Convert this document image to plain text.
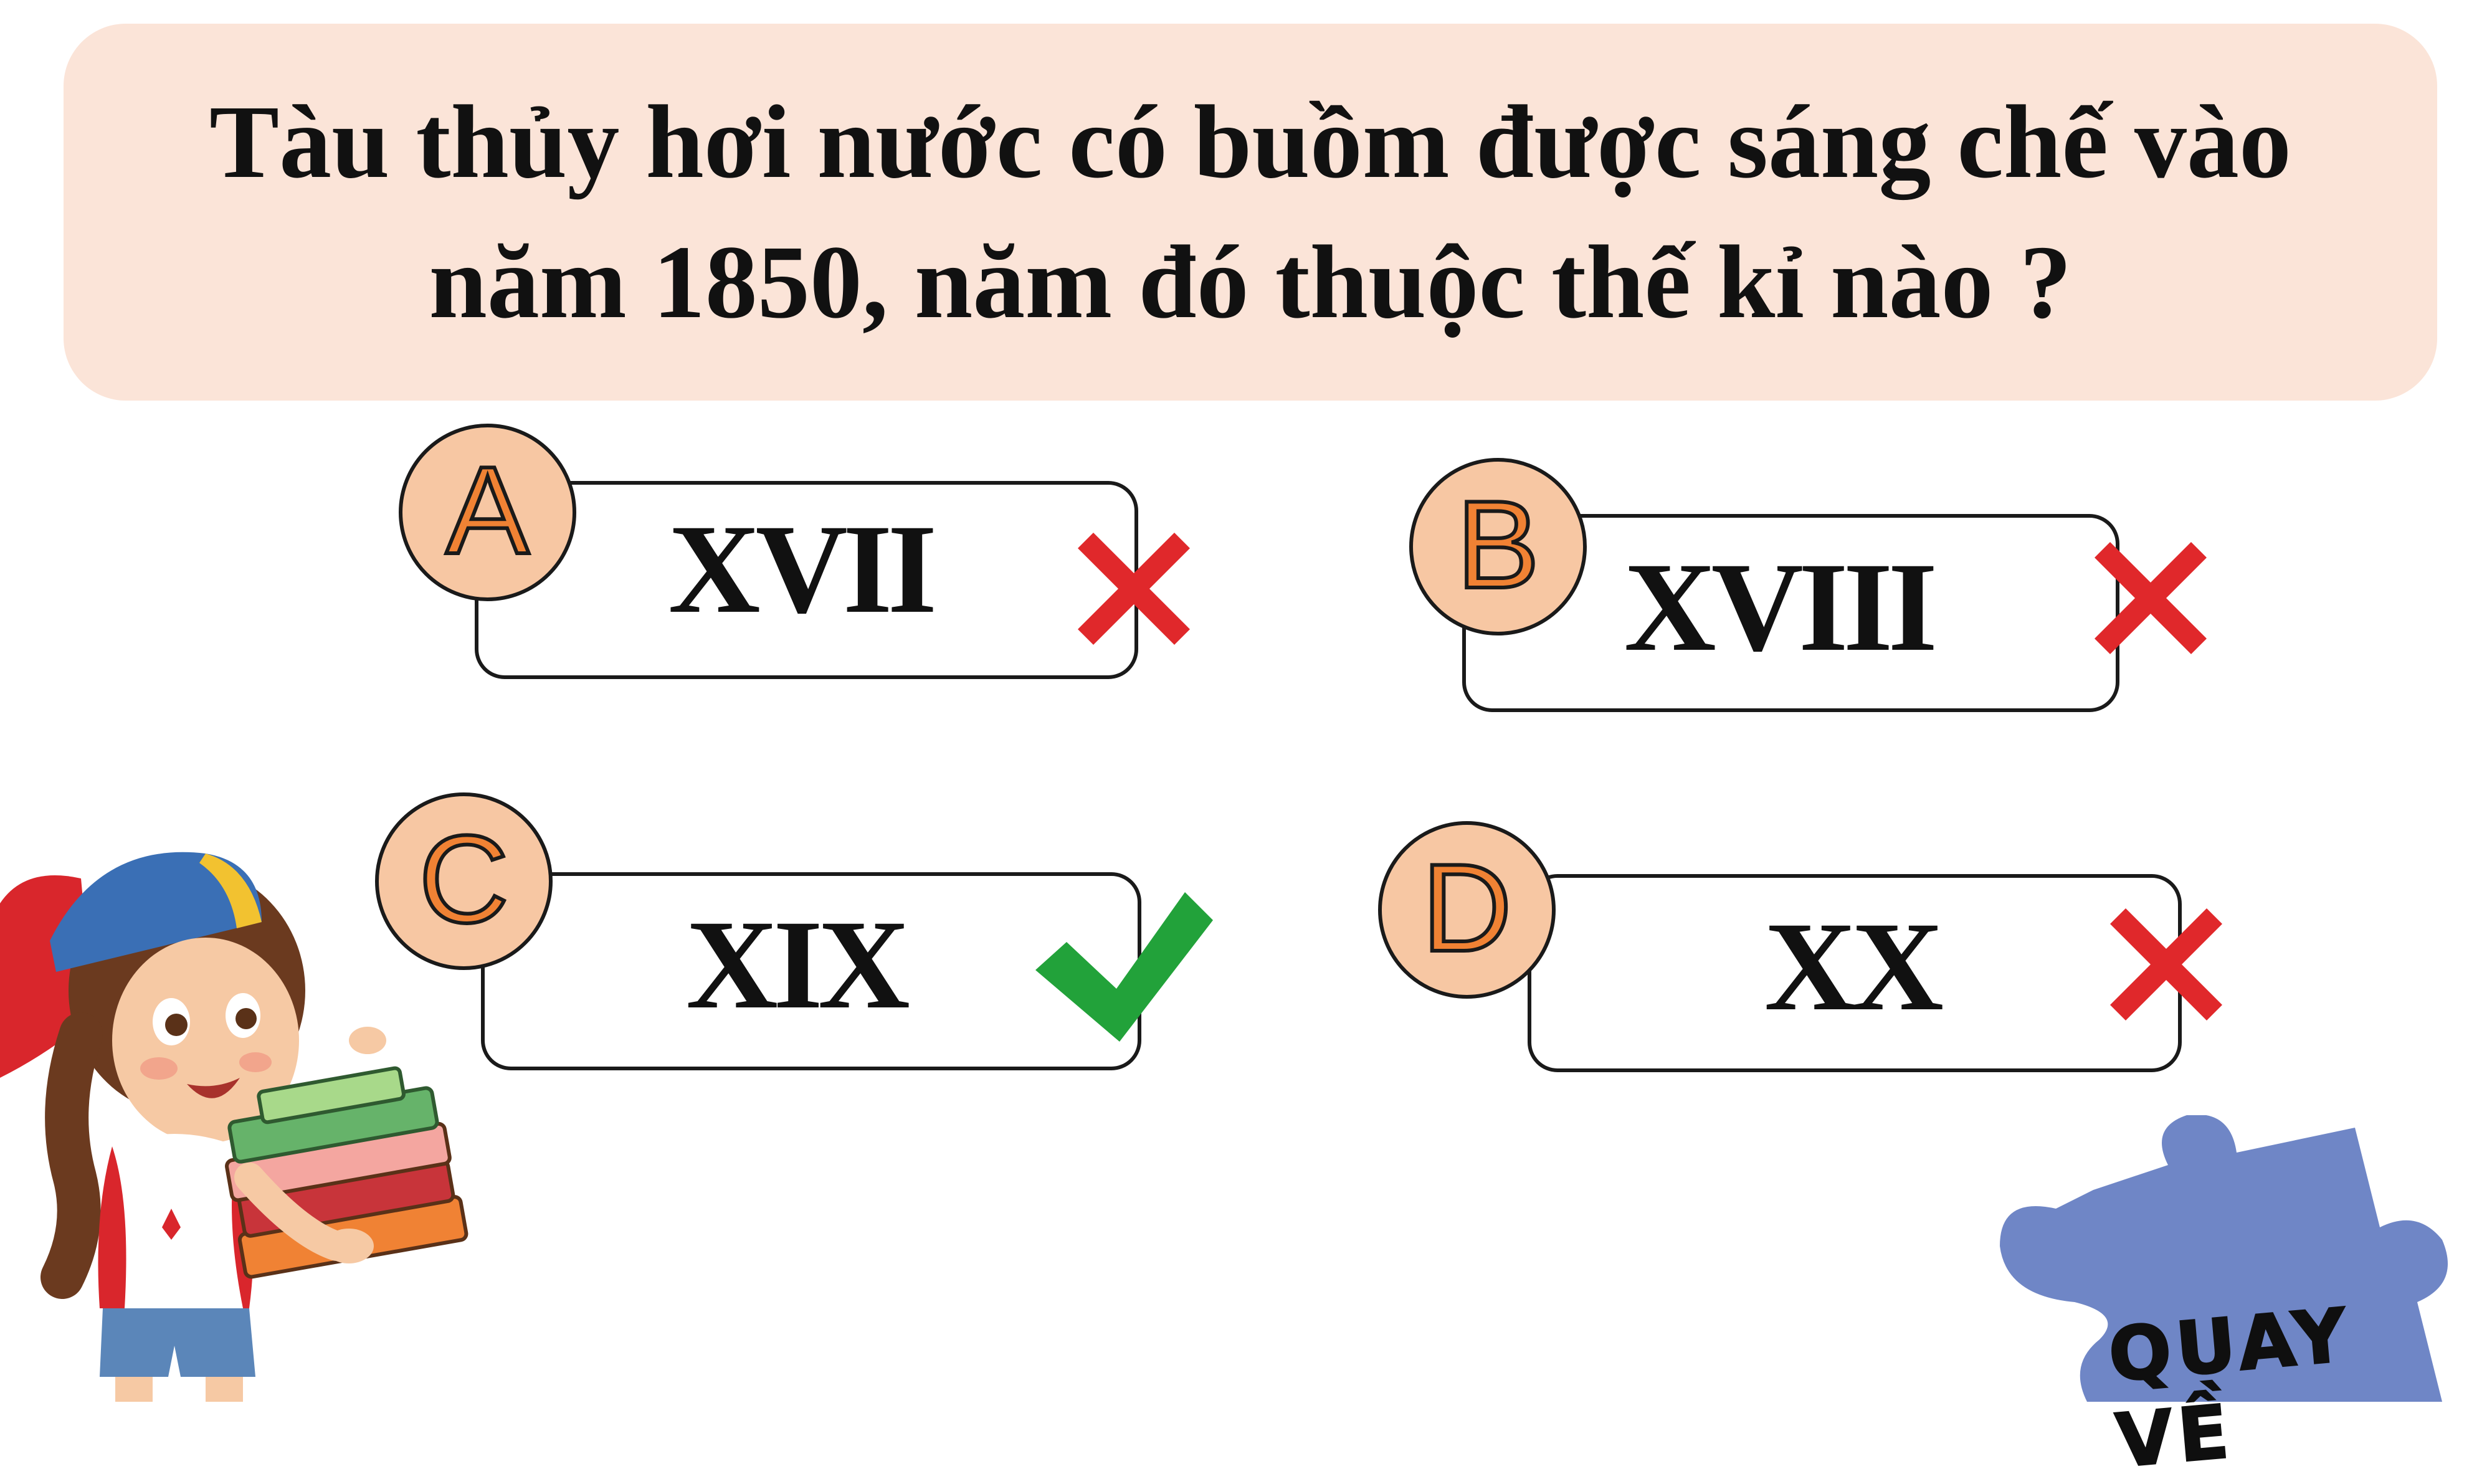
Tàu thủy hơi nước có buồm được sáng chế vào
năm 1850, năm đó thuộc thế kỉ nào ?
XVII
A
XVIII
B
XIX
C
XX
D
QUAY VỀ
